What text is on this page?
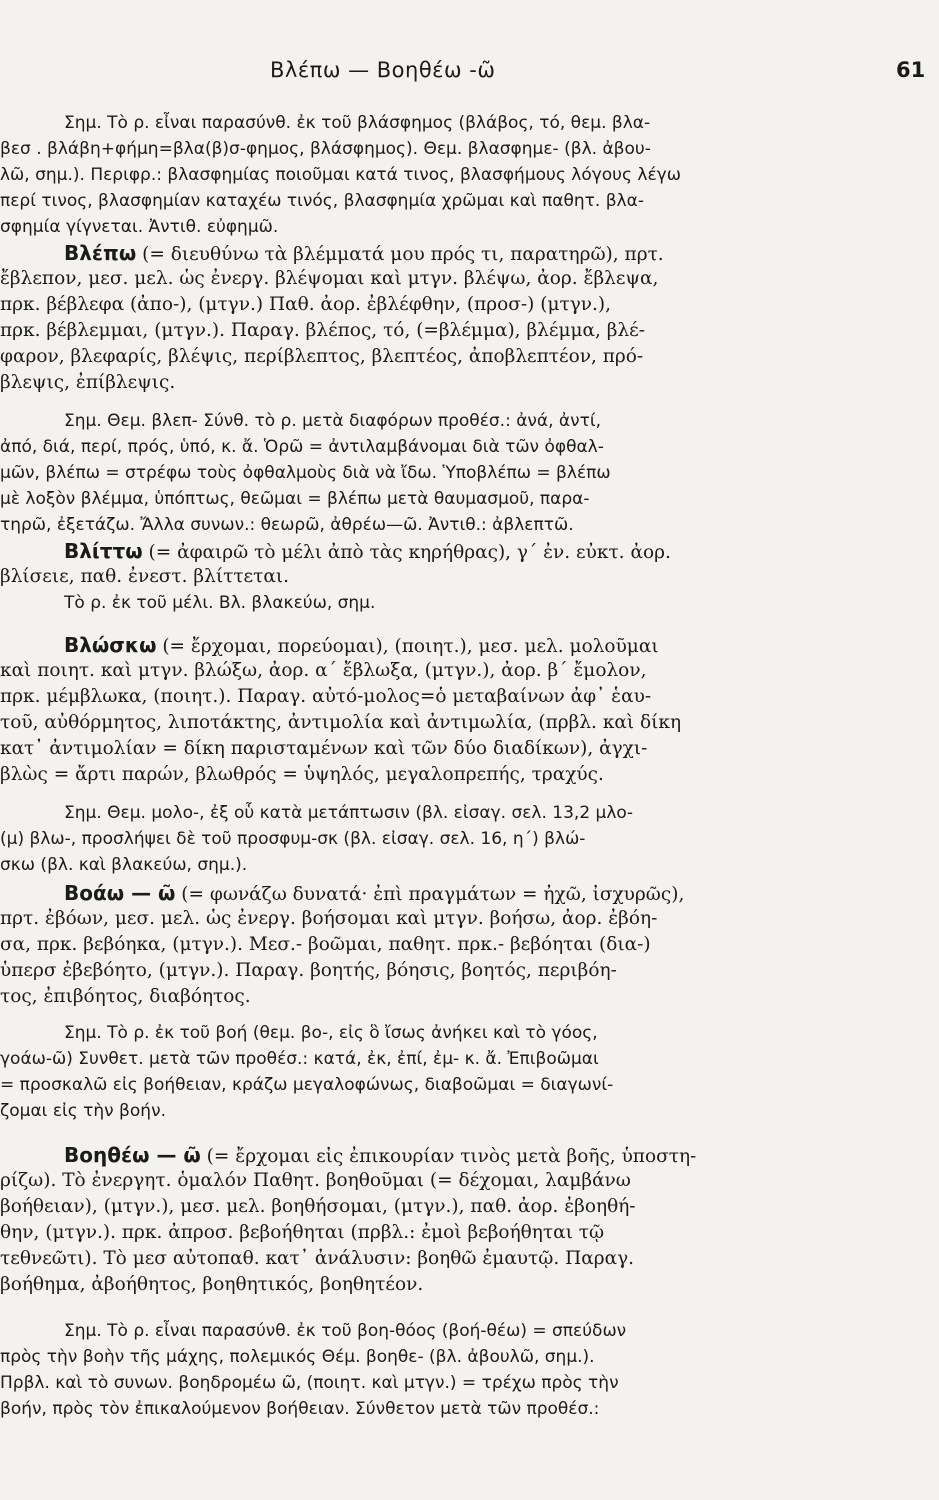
Βλέπω — Βοηθέω -ῶ	61
Σημ. Τὸ ρ. εἶναι παρασύνθ. ἐκ τοῦ βλάσφημος (βλάβος, τό, θεμ. βλα-
βεσ . βλάβη+φήμη=βλα(β)σ-φημος, βλάσφημος). Θεμ. βλασφημε- (βλ. ἀβου-
λῶ, σημ.). Περιφρ.: βλασφημίας ποιοῦμαι κατά τινος, βλασφήμους λόγους λέγω
περί τινος, βλασφημίαν καταχέω τινός, βλασφημία χρῶμαι καὶ παθητ. βλα-
σφημία γίγνεται. Ἀντιθ. εὐφημῶ.
Βλέπω (= διευθύνω τὰ βλέμματά μου πρός τι, παρατηρῶ), πρτ.
ἔβλεπον, μεσ. μελ. ὡς ἐνεργ. βλέψομαι καὶ μτγν. βλέψω, ἀορ. ἔβλεψα,
πρκ. βέβλεφα (ἀπο-), (μτγν.) Παθ. ἀορ. ἐβλέφθην, (προσ-) (μτγν.),
πρκ. βέβλεμμαι, (μτγν.). Παραγ. βλέπος, τό, (=βλέμμα), βλέμμα, βλέ-
φαρον, βλεφαρίς, βλέψις, περίβλεπτος, βλεπτέος, ἀποβλεπτέον, πρό-
βλεψις, ἐπίβλεψις.
Σημ. Θεμ. βλεπ- Σύνθ. τὸ ρ. μετὰ διαφόρων προθέσ.: ἀνά, ἀντί,
ἀπό, διά, περί, πρός, ὑπό, κ. ἄ. Ὁρῶ = ἀντιλαμβάνομαι διὰ τῶν ὀφθαλ-
μῶν, βλέπω = στρέφω τοὺς ὀφθαλμοὺς διὰ νὰ ἴδω. Ὑποβλέπω = βλέπω
μὲ λοξὸν βλέμμα, ὑπόπτως, θεῶμαι = βλέπω μετὰ θαυμασμοῦ, παρα-
τηρῶ, ἐξετάζω. Ἄλλα συνων.: θεωρῶ, ἀθρέω—ῶ. Ἀντιθ.: ἀβλεπτῶ.
Βλίττω (= ἀφαιρῶ τὸ μέλι ἀπὸ τὰς κηρήθρας), γ΄ ἐν. εὐκτ. ἀορ.
βλίσειε, παθ. ἐνεστ. βλίττεται.
Τὸ ρ. ἐκ τοῦ μέλι. Βλ. βλακεύω, σημ.
Βλώσκω (= ἔρχομαι, πορεύομαι), (ποιητ.), μεσ. μελ. μολοῦμαι
καὶ ποιητ. καὶ μτγν. βλώξω, ἀορ. α΄ ἔβλωξα, (μτγν.), ἀορ. β΄ ἔμολον,
πρκ. μέμβλωκα, (ποιητ.). Παραγ. αὐτό-μολος=ὁ μεταβαίνων ἀφ᾿ ἑαυ-
τοῦ, αὐθόρμητος, λιποτάκτης, ἀντιμολία καὶ ἀντιμωλία, (πρβλ. καὶ δίκη
κατ᾿ ἀντιμολίαν = δίκη παρισταμένων καὶ τῶν δύο διαδίκων), ἀγχι-
βλὼς = ἄρτι παρών, βλωθρός = ὑψηλός, μεγαλοπρεπής, τραχύς.
Σημ. Θεμ. μολο-, ἐξ οὗ κατὰ μετάπτωσιν (βλ. εἰσαγ. σελ. 13,2 μλο-
(μ) βλω-, προσλήψει δὲ τοῦ προσφυμ-σκ (βλ. εἰσαγ. σελ. 16, η΄) βλώ-
σκω (βλ. καὶ βλακεύω, σημ.).
Βοάω — ῶ (= φωνάζω δυνατά· ἐπὶ πραγμάτων = ἠχῶ, ἰσχυρῶς),
πρτ. ἐβόων, μεσ. μελ. ὡς ἐνεργ. βοήσομαι καὶ μτγν. βοήσω, ἀορ. ἐβόη-
σα, πρκ. βεβόηκα, (μτγν.). Μεσ.- βοῶμαι, παθητ. πρκ.- βεβόηται (δια-)
ὑπερσ ἐβεβόητο, (μτγν.). Παραγ. βοητής, βόησις, βοητός, περιβόη-
τος, ἐπιβόητος, διαβόητος.
Σημ. Τὸ ρ. ἐκ τοῦ βοή (θεμ. βο-, εἰς ὃ ἴσως ἀνήκει καὶ τὸ γόος,
γοάω-ῶ) Συνθετ. μετὰ τῶν προθέσ.: κατά, ἐκ, ἐπί, ἐμ- κ. ἄ. Ἐπιβοῶμαι
= προσκαλῶ εἰς βοήθειαν, κράζω μεγαλοφώνως, διαβοῶμαι = διαγωνί-
ζομαι εἰς τὴν βοήν.
Βοηθέω — ῶ (= ἔρχομαι εἰς ἐπικουρίαν τινὸς μετὰ βοῆς, ὑποστη-
ρίζω). Τὸ ἐνεργητ. ὁμαλόν Παθητ. βοηθοῦμαι (= δέχομαι, λαμβάνω
βοήθειαν), (μτγν.), μεσ. μελ. βοηθήσομαι, (μτγν.), παθ. ἀορ. ἐβοηθή-
θην, (μτγν.). πρκ. ἀπροσ. βεβοήθηται (πρβλ.: ἐμοὶ βεβοήθηται τῷ
τεθνεῶτι). Τὸ μεσ αὐτοπαθ. κατ᾿ ἀνάλυσιν: βοηθῶ ἐμαυτῷ. Παραγ.
βοήθημα, ἀβοήθητος, βοηθητικός, βοηθητέον.
Σημ. Τὸ ρ. εἶναι παρασύνθ. ἐκ τοῦ βοη-θόος (βοή-θέω) = σπεύδων
πρὸς τὴν βοὴν τῆς μάχης, πολεμικός Θέμ. βοηθε- (βλ. ἀβουλῶ, σημ.).
Πρβλ. καὶ τὸ συνων. βοηδρομέω ῶ, (ποιητ. καὶ μτγν.) = τρέχω πρὸς τὴν
βοήν, πρὸς τὸν ἐπικαλούμενον βοήθειαν. Σύνθετον μετὰ τῶν προθέσ.:
